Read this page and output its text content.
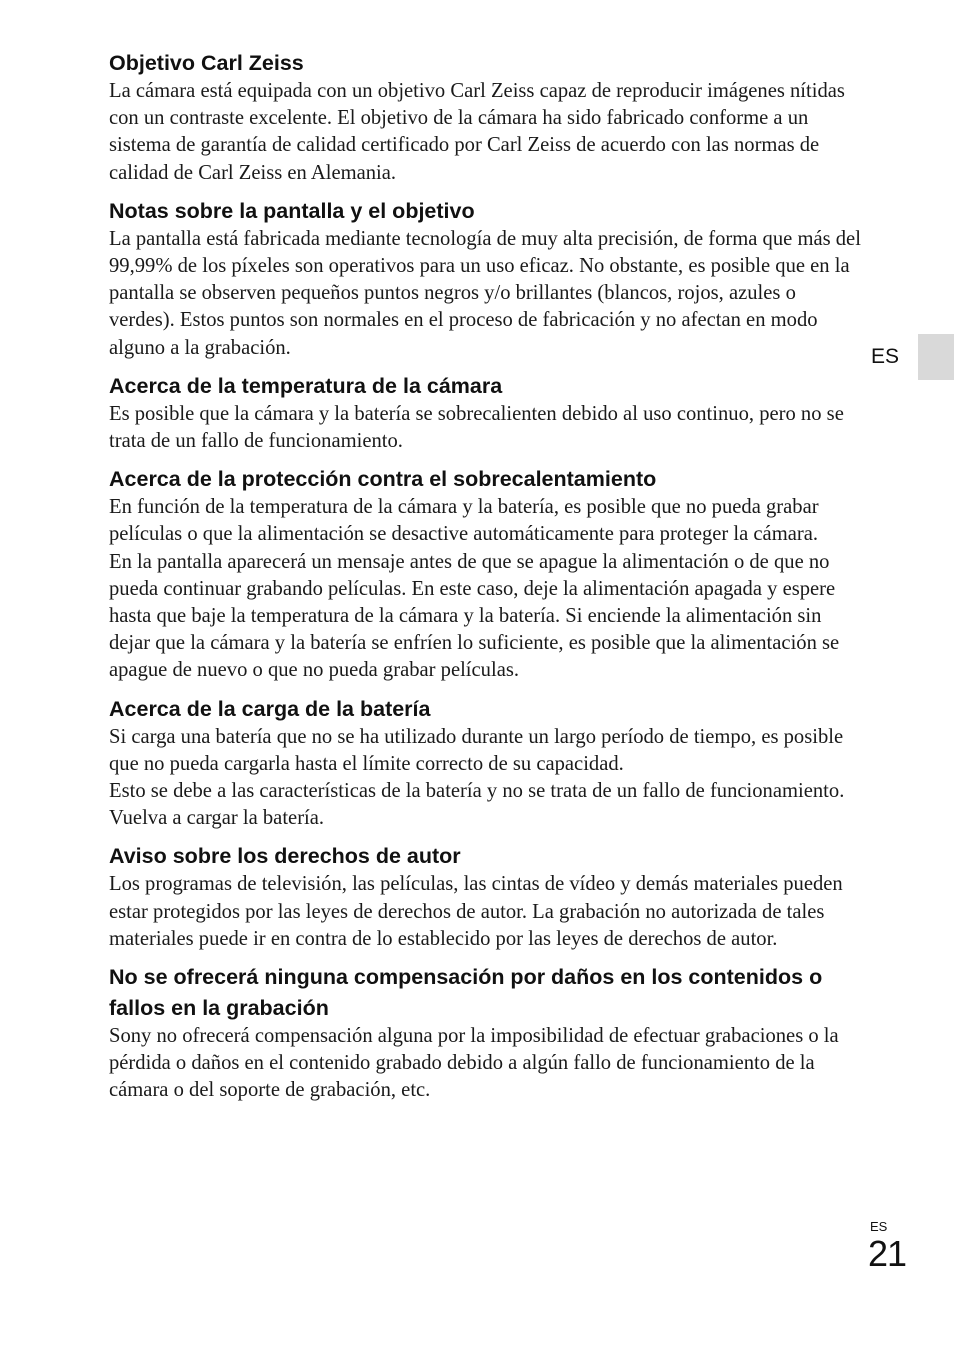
Objetivo Carl Zeiss

La cámara está equipada con un objetivo Carl Zeiss capaz de reproducir imágenes nítidas con un contraste excelente. El objetivo de la cámara ha sido fabricado conforme a un sistema de garantía de calidad certificado por Carl Zeiss de acuerdo con las normas de calidad de Carl Zeiss en Alemania.

Notas sobre la pantalla y el objetivo

La pantalla está fabricada mediante tecnología de muy alta precisión, de forma que más del 99,99% de los píxeles son operativos para un uso eficaz. No obstante, es posible que en la pantalla se observen pequeños puntos negros y/o brillantes (blancos, rojos, azules o verdes). Estos puntos son normales en el proceso de fabricación y no afectan en modo alguno a la grabación.

Acerca de la temperatura de la cámara

Es posible que la cámara y la batería se sobrecalienten debido al uso continuo, pero no se trata de un fallo de funcionamiento.

Acerca de la protección contra el sobrecalentamiento

En función de la temperatura de la cámara y la batería, es posible que no pueda grabar películas o que la alimentación se desactive automáticamente para proteger la cámara.

En la pantalla aparecerá un mensaje antes de que se apague la alimentación o de que no pueda continuar grabando películas. En este caso, deje la alimentación apagada y espere hasta que baje la temperatura de la cámara y la batería. Si enciende la alimentación sin dejar que la cámara y la batería se enfríen lo suficiente, es posible que la alimentación se apague de nuevo o que no pueda grabar películas.

Acerca de la carga de la batería

Si carga una batería que no se ha utilizado durante un largo período de tiempo, es posible que no pueda cargarla hasta el límite correcto de su capacidad.

Esto se debe a las características de la batería y no se trata de un fallo de funcionamiento. Vuelva a cargar la batería.

Aviso sobre los derechos de autor

Los programas de televisión, las películas, las cintas de vídeo y demás materiales pueden estar protegidos por las leyes de derechos de autor. La grabación no autorizada de tales materiales puede ir en contra de lo establecido por las leyes de derechos de autor.

No se ofrecerá ninguna compensación por daños en los contenidos o fallos en la grabación

Sony no ofrecerá compensación alguna por la imposibilidad de efectuar grabaciones o la pérdida o daños en el contenido grabado debido a algún fallo de funcionamiento de la cámara o del soporte de grabación, etc.

ES
ES
21
